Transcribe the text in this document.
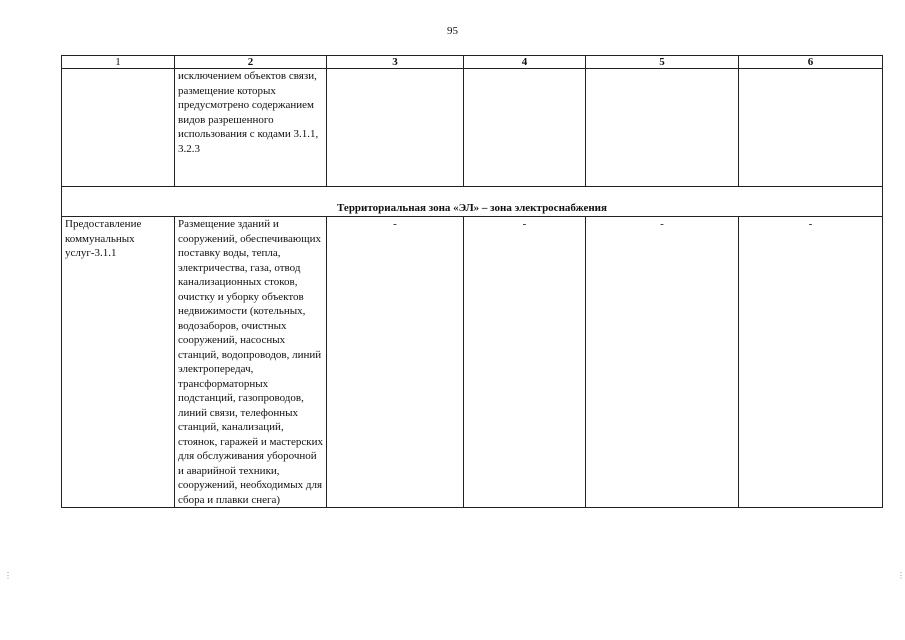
95
1	2	3	4	5	6
	исключением объектов связи, размещение которых предусмотрено содержанием видов разрешенного использования с кодами 3.1.1, 3.2.3				
Территориальная зона «ЭЛ» – зона электроснабжения					
Предоставление коммунальных услуг-3.1.1	Размещение зданий и сооружений, обеспечивающих поставку воды, тепла, электричества, газа, отвод канализационных стоков, очистку и уборку объектов недвижимости (котельных, водозаборов, очистных сооружений, насосных станций, водопроводов, линий электропередач, трансформаторных подстанций, газопроводов, линий связи, телефонных станций, канализаций, стоянок, гаражей и мастерских для обслуживания уборочной и аварийной техники, сооружений, необходимых для сбора и плавки снега)	-	-	-	-
⋮	⋮
